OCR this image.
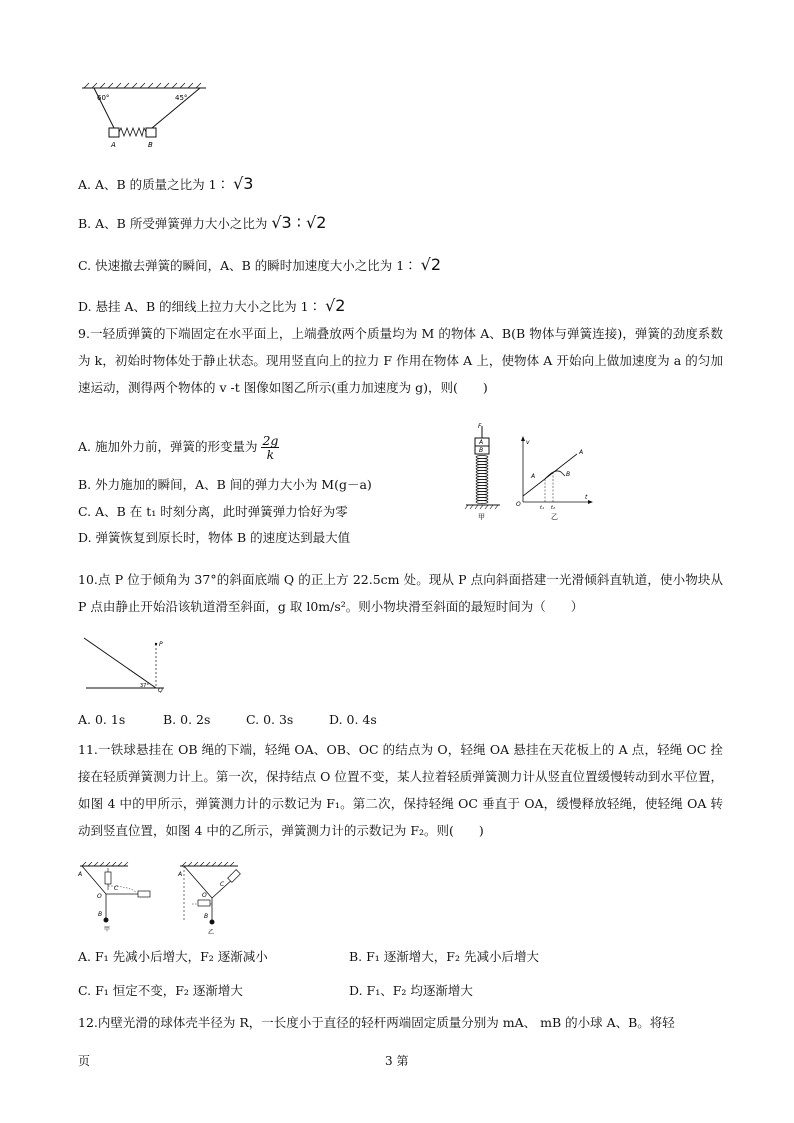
60°	45°
A	B
A. A、B 的质量之比为 1∶ √3
B. A、B 所受弹簧弹力大小之比为 √3 ∶ √2
C. 快速撤去弹簧的瞬间，A、B 的瞬时加速度大小之比为 1∶ √2
D. 悬挂 A、B 的细线上拉力大小之比为 1∶ √2
9.一轻质弹簧的下端固定在水平面上，上端叠放两个质量均为 M 的物体 A、B(B 物体与弹簧连接)，弹簧的劲度系数为 k，初始时物体处于静止状态。现用竖直向上的拉力 F 作用在物体 A 上，使物体 A 开始向上做加速度为 a 的匀加速运动，测得两个物体的 v -t 图像如图乙所示(重力加速度为 g)，则(　　)
A. 施加外力前，弹簧的形变量为 $\frac{2g}{k}$
B. 外力施加的瞬间，A、B 间的弹力大小为 M(g－a)
C. A、B 在 t₁ 时刻分离，此时弹簧弹力恰好为零
D. 弹簧恢复到原长时，物体 B 的速度达到最大值
F
A
B
甲
v
t
O	t₁ t₂
A
B
A
乙
10.点 P 位于倾角为 37°的斜面底端 Q 的正上方 22.5cm 处。现从 P 点向斜面搭建一光滑倾斜直轨道，使小物块从 P 点由静止开始沿该轨道滑至斜面，g 取 l0m/s²。则小物块滑至斜面的最短时间为（　　）
P
Q
37°
A. 0. 1s	B. 0. 2s	C. 0. 3s	D. 0. 4s
11.一铁球悬挂在 OB 绳的下端，轻绳 OA、OB、OC 的结点为 O，轻绳 OA 悬挂在天花板上的 A 点，轻绳 OC 拴接在轻质弹簧测力计上。第一次，保持结点 O 位置不变，某人拉着轻质弹簧测力计从竖直位置缓慢转动到水平位置，如图 4 中的甲所示，弹簧测力计的示数记为 F₁。第二次，保持轻绳 OC 垂直于 OA，缓慢释放轻绳，使轻绳 OA 转动到竖直位置，如图 4 中的乙所示，弹簧测力计的示数记为 F₂。则(　　)
A
O
C
B
甲
A
O
C
B
乙
A. F₁ 先减小后增大，F₂ 逐渐减小	B. F₁ 逐渐增大，F₂ 先减小后增大
C. F₁ 恒定不变，F₂ 逐渐增大	D. F₁、F₂ 均逐渐增大
12.内壁光滑的球体壳半径为 R，一长度小于直径的轻杆两端固定质量分别为 mA、 mB 的小球 A、B。将轻
页	3 第
